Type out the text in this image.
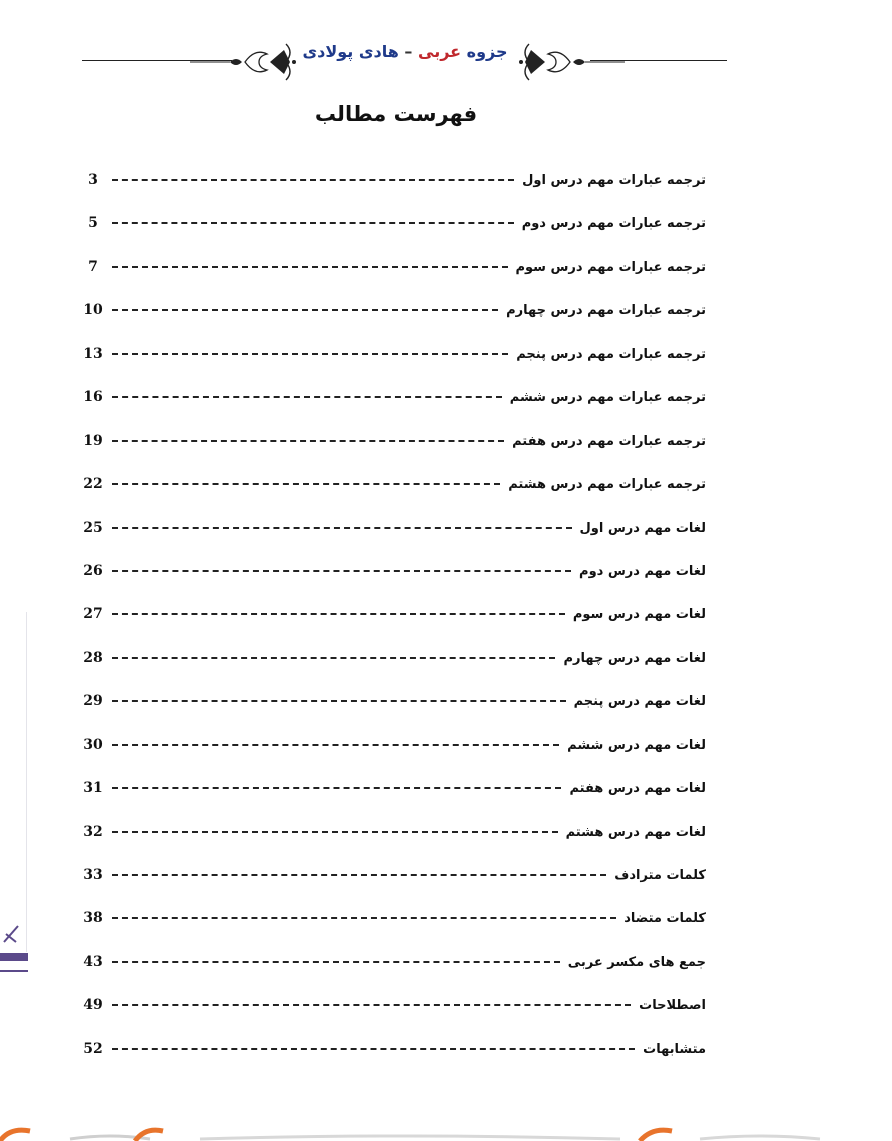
جزوه عربی – هادی پولادی
فهرست مطالب
3	ترجمه عبارات مهم درس اول
5	ترجمه عبارات مهم درس دوم
7	ترجمه عبارات مهم درس سوم
10	ترجمه عبارات مهم درس چهارم
13	ترجمه عبارات مهم درس پنجم
16	ترجمه عبارات مهم درس ششم
19	ترجمه عبارات مهم درس هفتم
22	ترجمه عبارات مهم درس هشتم
25	لغات مهم درس اول
26	لغات مهم درس دوم
27	لغات مهم درس سوم
28	لغات مهم درس چهارم
29	لغات مهم درس پنجم
30	لغات مهم درس ششم
31	لغات مهم درس هفتم
32	لغات مهم درس هشتم
33	کلمات مترادف
38	کلمات متضاد
43	جمع های مکسر عربی
49	اصطلاحات
52	متشابهات
